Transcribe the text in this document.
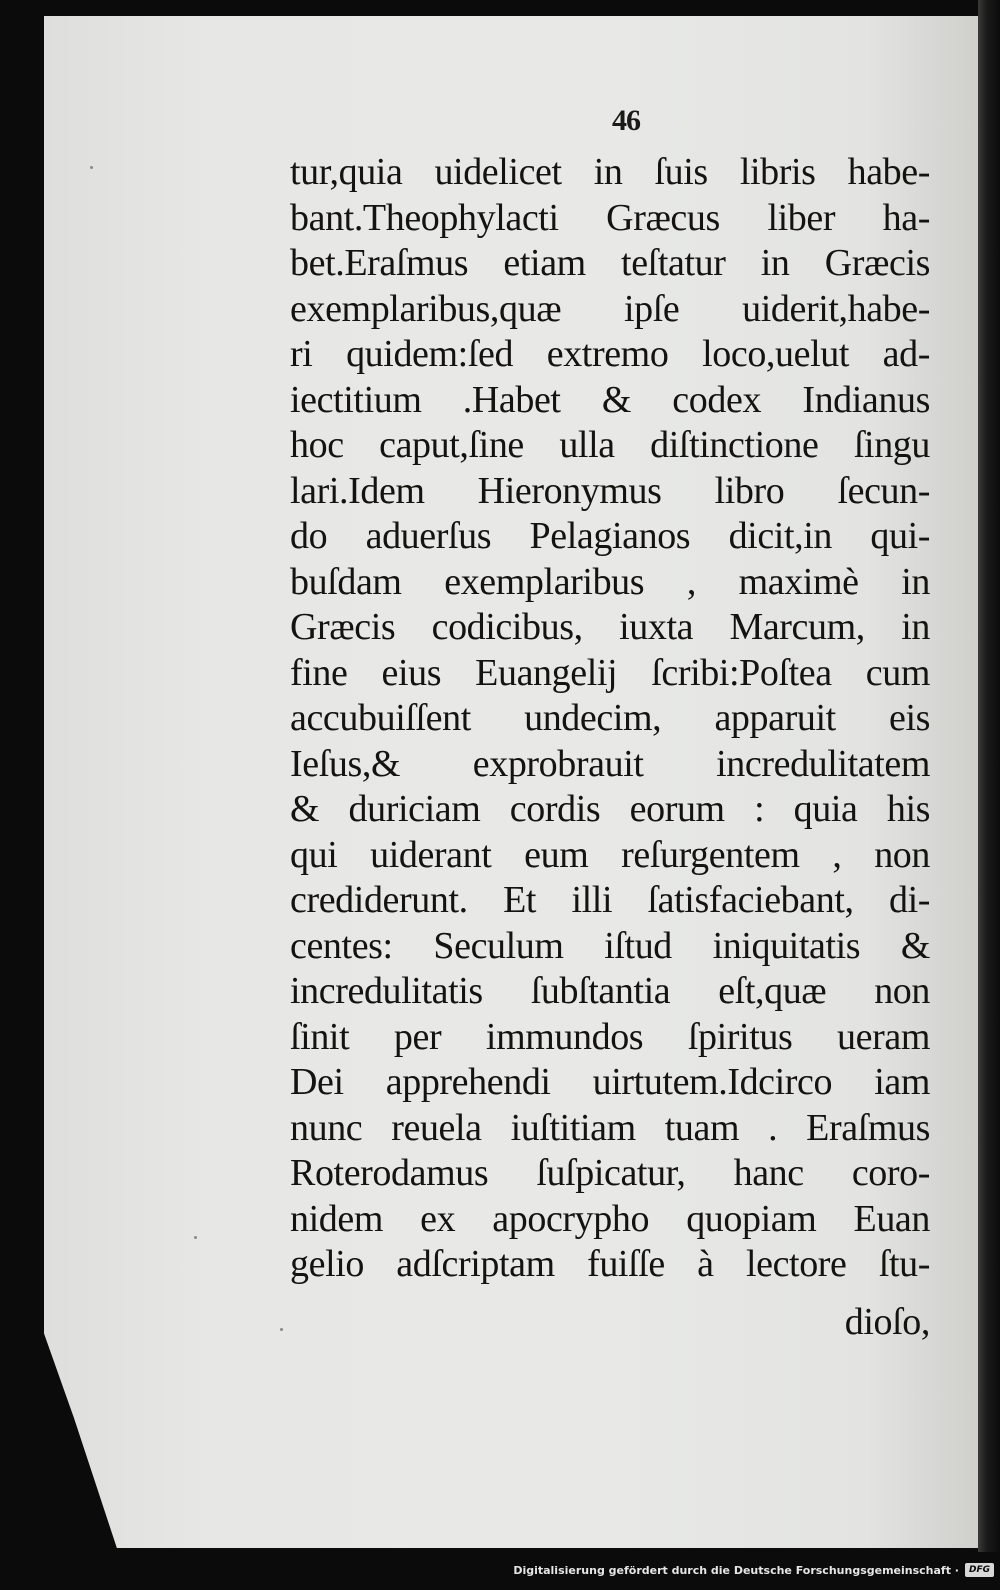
46
tur,quia uidelicet in ſuis libris habe-
bant.Theophylacti Græcus liber ha-
bet.Eraſmus etiam teſtatur in Græcis
exemplaribus,quæ ipſe uiderit,habe-
ri quidem:ſed extremo loco,uelut ad-
iectitium .Habet & codex Indianus
hoc caput,ſine ulla diſtinctione ſingu
lari.Idem Hieronymus libro ſecun-
do aduerſus Pelagianos dicit,in qui-
buſdam exemplaribus , maximè in
Græcis codicibus, iuxta Marcum, in
fine eius Euangelij ſcribi:Poſtea cum
accubuiſſent undecim, apparuit eis
Ieſus,& exprobrauit incredulitatem
& duriciam cordis eorum : quia his
qui uiderant eum reſurgentem , non
crediderunt. Et illi ſatisfaciebant, di-
centes: Seculum iſtud iniquitatis &
incredulitatis ſubſtantia eſt,quæ non
ſinit per immundos ſpiritus ueram
Dei apprehendi uirtutem.Idcirco iam
nunc reuela iuſtitiam tuam . Eraſmus
Roterodamus ſuſpicatur, hanc coro-
nidem ex apocrypho quopiam Euan
gelio adſcriptam fuiſſe à lectore ſtu-
dioſo,
Digitalisierung gefördert durch die Deutsche Forschungsgemeinschaft ·	DFG
